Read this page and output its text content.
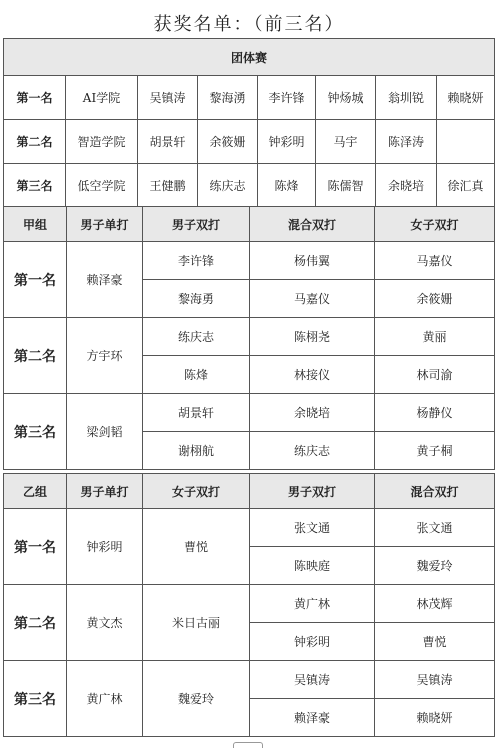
获奖名单：（前三名）
团体赛							
第一名	AI学院	吴镇涛	黎海湧	李许锋	钟炀城	翁圳锐	赖晓妍
第二名	智造学院	胡景轩	余筱姗	钟彩明	马宇	陈泽涛	
第三名	低空学院	王健鹏	练庆志	陈烽	陈儒智	余晓培	徐汇真
甲组	男子单打	男子双打	混合双打	女子双打
第一名	赖泽豪	李许锋	杨伟翼	马嘉仪
		黎海勇	马嘉仪	余筱姗
第二名	方宇环	练庆志	陈栩尧	黄丽
		陈烽	林接仪	林司渝
第三名	梁剑韬	胡景轩	余晓培	杨静仪
		谢栩航	练庆志	黄子桐
乙组	男子单打	女子双打	男子双打	混合双打
第一名	钟彩明	曹悦	张文通	张文通
			陈映庭	魏爱玲
第二名	黄文杰	米日古丽	黄广林	林茂辉
			钟彩明	曹悦
第三名	黄广林	魏爱玲	吴镇涛	吴镇涛
			赖泽豪	赖晓妍
